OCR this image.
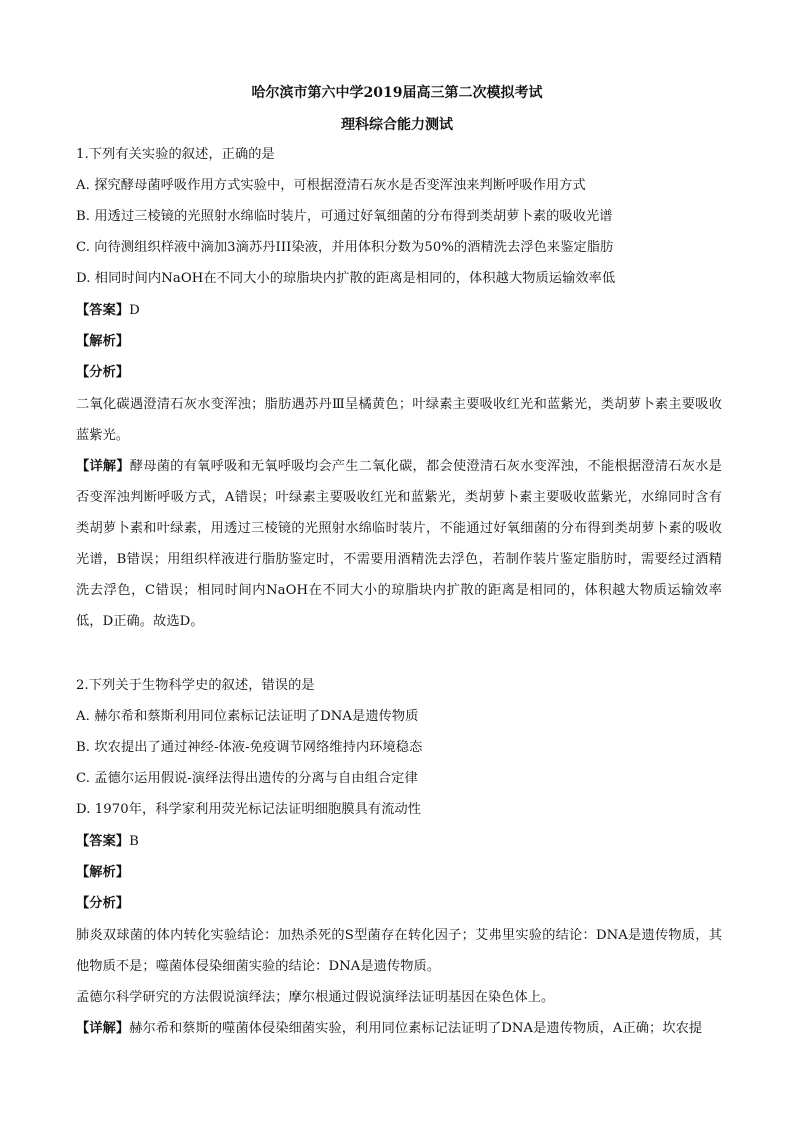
哈尔滨市第六中学2019届高三第二次模拟考试
理科综合能力测试
1.下列有关实验的叙述，正确的是
A. 探究酵母菌呼吸作用方式实验中，可根据澄清石灰水是否变浑浊来判断呼吸作用方式
B. 用透过三棱镜的光照射水绵临时装片，可通过好氧细菌的分布得到类胡萝卜素的吸收光谱
C. 向待测组织样液中滴加3滴苏丹III染液，并用体积分数为50%的酒精洗去浮色来鉴定脂肪
D. 相同时间内NaOH在不同大小的琼脂块内扩散的距离是相同的，体积越大物质运输效率低
【答案】D
【解析】
【分析】
二氧化碳遇澄清石灰水变浑浊；脂肪遇苏丹Ⅲ呈橘黄色；叶绿素主要吸收红光和蓝紫光，类胡萝卜素主要吸收蓝紫光。
【详解】酵母菌的有氧呼吸和无氧呼吸均会产生二氧化碳，都会使澄清石灰水变浑浊，不能根据澄清石灰水是否变浑浊判断呼吸方式，A错误；叶绿素主要吸收红光和蓝紫光，类胡萝卜素主要吸收蓝紫光，水绵同时含有类胡萝卜素和叶绿素，用透过三棱镜的光照射水绵临时装片，不能通过好氧细菌的分布得到类胡萝卜素的吸收光谱，B错误；用组织样液进行脂肪鉴定时，不需要用酒精洗去浮色，若制作装片鉴定脂肪时，需要经过酒精洗去浮色，C错误；相同时间内NaOH在不同大小的琼脂块内扩散的距离是相同的，体积越大物质运输效率低，D正确。故选D。
2.下列关于生物科学史的叙述，错误的是
A. 赫尔希和蔡斯利用同位素标记法证明了DNA是遗传物质
B. 坎农提出了通过神经-体液-免疫调节网络维持内环境稳态
C. 孟德尔运用假说-演绎法得出遗传的分离与自由组合定律
D. 1970年，科学家利用荧光标记法证明细胞膜具有流动性
【答案】B
【解析】
【分析】
肺炎双球菌的体内转化实验结论：加热杀死的S型菌存在转化因子；艾弗里实验的结论：DNA是遗传物质，其他物质不是；噬菌体侵染细菌实验的结论：DNA是遗传物质。
孟德尔科学研究的方法假说演绎法；摩尔根通过假说演绎法证明基因在染色体上。
【详解】赫尔希和蔡斯的噬菌体侵染细菌实验，利用同位素标记法证明了DNA是遗传物质，A正确；坎农提
